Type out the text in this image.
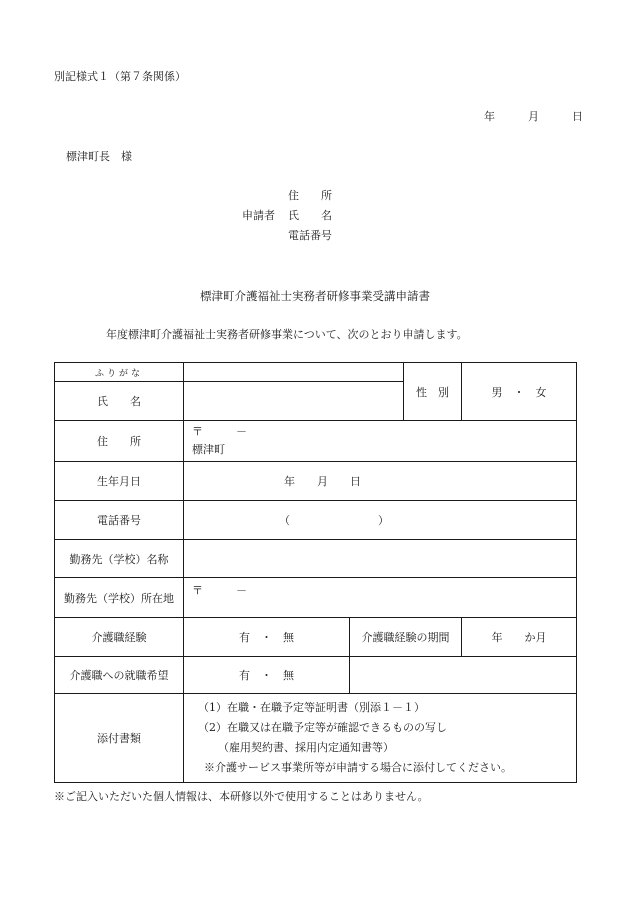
別記様式１（第７条関係）
年	月	日
標津町長　様
住　　所
申請者	氏　　名
電話番号
標津町介護福祉士実務者研修事業受講申請書
年度標津町介護福祉士実務者研修事業について、次のとおり申請します。
ふりがな			性　別	男　・　女
氏　　名				
住　　所	〒　　　－
標津町			

生年月日	年　　月　　日			
電話番号	（　　　　　　　　）			
勤務先（学校）名称				
勤務先（学校）所在地	〒　　　－			

介護職経験	有　・　無	介護職経験の期間		年　　か月
介護職への就職希望	有　・　無			
添付書類	（1）在職・在職予定等証明書（別添１－１）
（2）在職又は在職予定等が確認できるものの写し
（雇用契約書、採用内定通知書等）
※介護サービス事業所等が申請する場合に添付してください。			
※ご記入いただいた個人情報は、本研修以外で使用することはありません。
